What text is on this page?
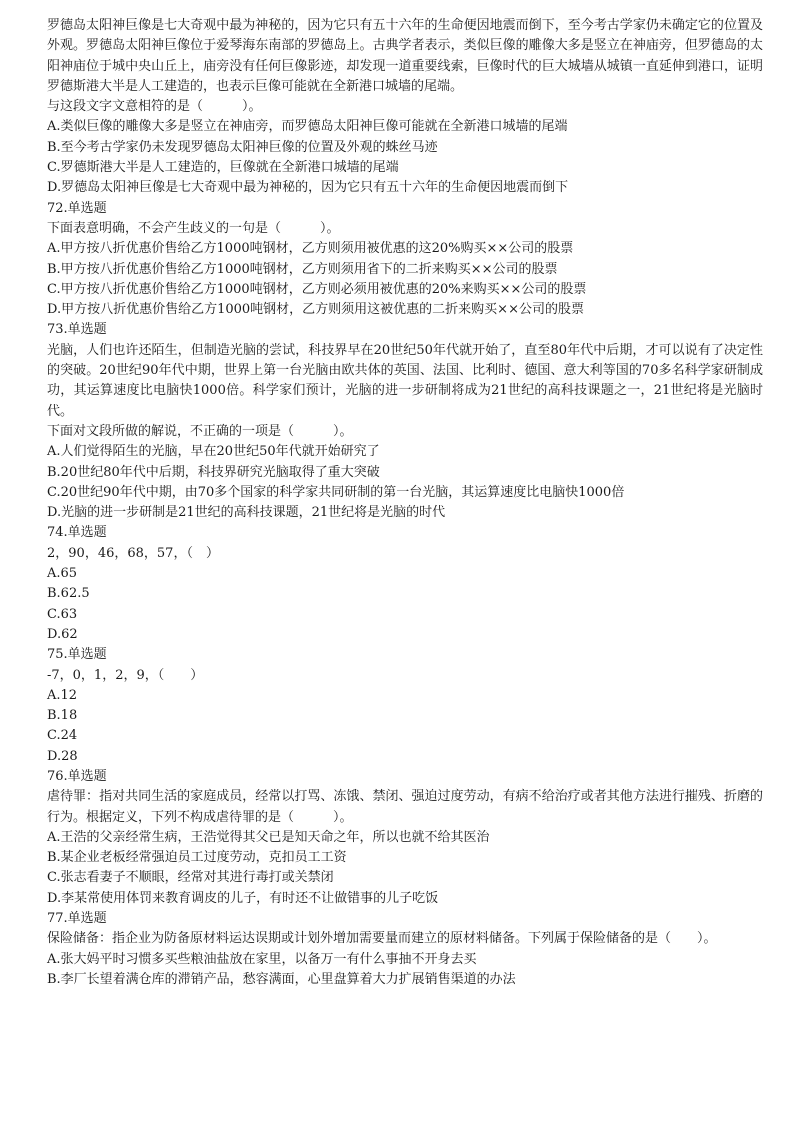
罗德岛太阳神巨像是七大奇观中最为神秘的，因为它只有五十六年的生命便因地震而倒下，至今考古学家仍未确定它的位置及外观。罗德岛太阳神巨像位于爱琴海东南部的罗德岛上。古典学者表示，类似巨像的雕像大多是竖立在神庙旁，但罗德岛的太阳神庙位于城中央山丘上，庙旁没有任何巨像影迹，却发现一道重要线索，巨像时代的巨大城墙从城镇一直延伸到港口，证明罗德斯港大半是人工建造的，也表示巨像可能就在全新港口城墙的尾端。

与这段文字文意相符的是（　　　）。

A.类似巨像的雕像大多是竖立在神庙旁，而罗德岛太阳神巨像可能就在全新港口城墙的尾端
B.至今考古学家仍未发现罗德岛太阳神巨像的位置及外观的蛛丝马迹
C.罗德斯港大半是人工建造的，巨像就在全新港口城墙的尾端
D.罗德岛太阳神巨像是七大奇观中最为神秘的，因为它只有五十六年的生命便因地震而倒下

72.单选题

下面表意明确，不会产生歧义的一句是（　　　）。

A.甲方按八折优惠价售给乙方1000吨钢材，乙方则须用被优惠的这20%购买××公司的股票
B.甲方按八折优惠价售给乙方1000吨钢材，乙方则须用省下的二折来购买××公司的股票
C.甲方按八折优惠价售给乙方1000吨钢材，乙方则必须用被优惠的20%来购买××公司的股票
D.甲方按八折优惠价售给乙方1000吨钢材，乙方则须用这被优惠的二折来购买××公司的股票

73.单选题

光脑，人们也许还陌生，但制造光脑的尝试，科技界早在20世纪50年代就开始了，直至80年代中后期，才可以说有了决定性的突破。20世纪90年代中期，世界上第一台光脑由欧共体的英国、法国、比利时、德国、意大利等国的70多名科学家研制成功，其运算速度比电脑快1000倍。科学家们预计，光脑的进一步研制将成为21世纪的高科技课题之一，21世纪将是光脑时代。

下面对文段所做的解说，不正确的一项是（　　　）。

A.人们觉得陌生的光脑，早在20世纪50年代就开始研究了
B.20世纪80年代中后期，科技界研究光脑取得了重大突破
C.20世纪90年代中期，由70多个国家的科学家共同研制的第一台光脑，其运算速度比电脑快1000倍
D.光脑的进一步研制是21世纪的高科技课题，21世纪将是光脑的时代

74.单选题

2，90，46，68，57，（　）

A.65
B.62.5
C.63
D.62

75.单选题

-7，0，1，2，9，（　　）

A.12
B.18
C.24
D.28

76.单选题

虐待罪：指对共同生活的家庭成员，经常以打骂、冻饿、禁闭、强迫过度劳动，有病不给治疗或者其他方法进行摧残、折磨的行为。根据定义，下列不构成虐待罪的是（　　　）。

A.王浩的父亲经常生病，王浩觉得其父已是知天命之年，所以也就不给其医治
B.某企业老板经常强迫员工过度劳动，克扣员工工资
C.张志看妻子不顺眼，经常对其进行毒打或关禁闭
D.李某常使用体罚来教育调皮的儿子，有时还不让做错事的儿子吃饭

77.单选题

保险储备：指企业为防备原材料运达误期或计划外增加需要量而建立的原材料储备。下列属于保险储备的是（　　）。

A.张大妈平时习惯多买些粮油盐放在家里，以备万一有什么事抽不开身去买
B.李厂长望着满仓库的滞销产品，愁容满面，心里盘算着大力扩展销售渠道的办法
